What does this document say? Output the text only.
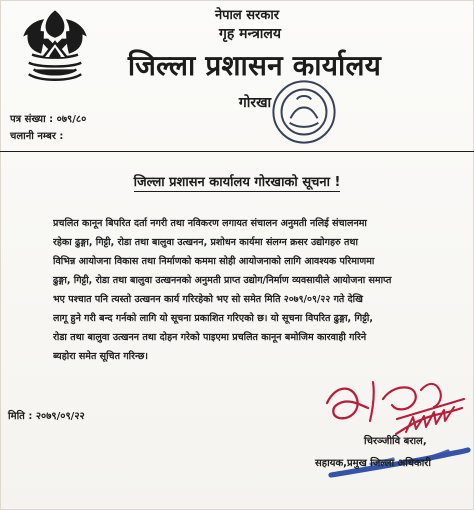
नेपाल सरकार
गृह मन्त्रालय
जिल्ला प्रशासन कार्यालय
गोरखा
पत्र संख्या : ०७९/८०
चलानी नम्बर :
जिल्ला प्रशासन कार्यालय गोरखाको सूचना !
प्रचलित कानून बिपरित दर्ता नगरी तथा नविकरण लगायत संचालन अनुमती नलिई संचालनमा
रहेका ढुङ्गा, गिट्टी, रोडा तथा बालुवा उत्खनन, प्रशोधन कार्यमा संलग्न क्रसर उद्योगहरु तथा
विभिन्न आयोजना विकास तथा निर्माणको कममा सोही आयोजनाको लागि आवश्यक परिमाणमा
ढुङ्गा, गिट्टी, रोडा तथा बालुवा उत्खननको अनुमती प्राप्त उद्योग/निर्माण व्यवसायीले आयोजना समाप्त
भए पश्चात पनि त्यस्तो उत्खनन कार्य गरिरहेको भए सो समेत मिति २०७९/०९/२२ गते देखि
लागू हुने गरी बन्द गर्नको लागि यो सूचना प्रकाशित गरिएको छ। यो सूचना विपरित ढुङ्गा, गिट्टी,
रोडा तथा बालुवा उत्खनन तथा दोहन गरेको पाइएमा प्रचलित कानून बमोजिम कारवाही गरिने
ब्यहोरा समेत सूचित गरिन्छ।
मिति : २०७९/०९/२२
चिरञ्जीवि बराल,
सहायक,प्रमुख जिल्ला अधिकारी
